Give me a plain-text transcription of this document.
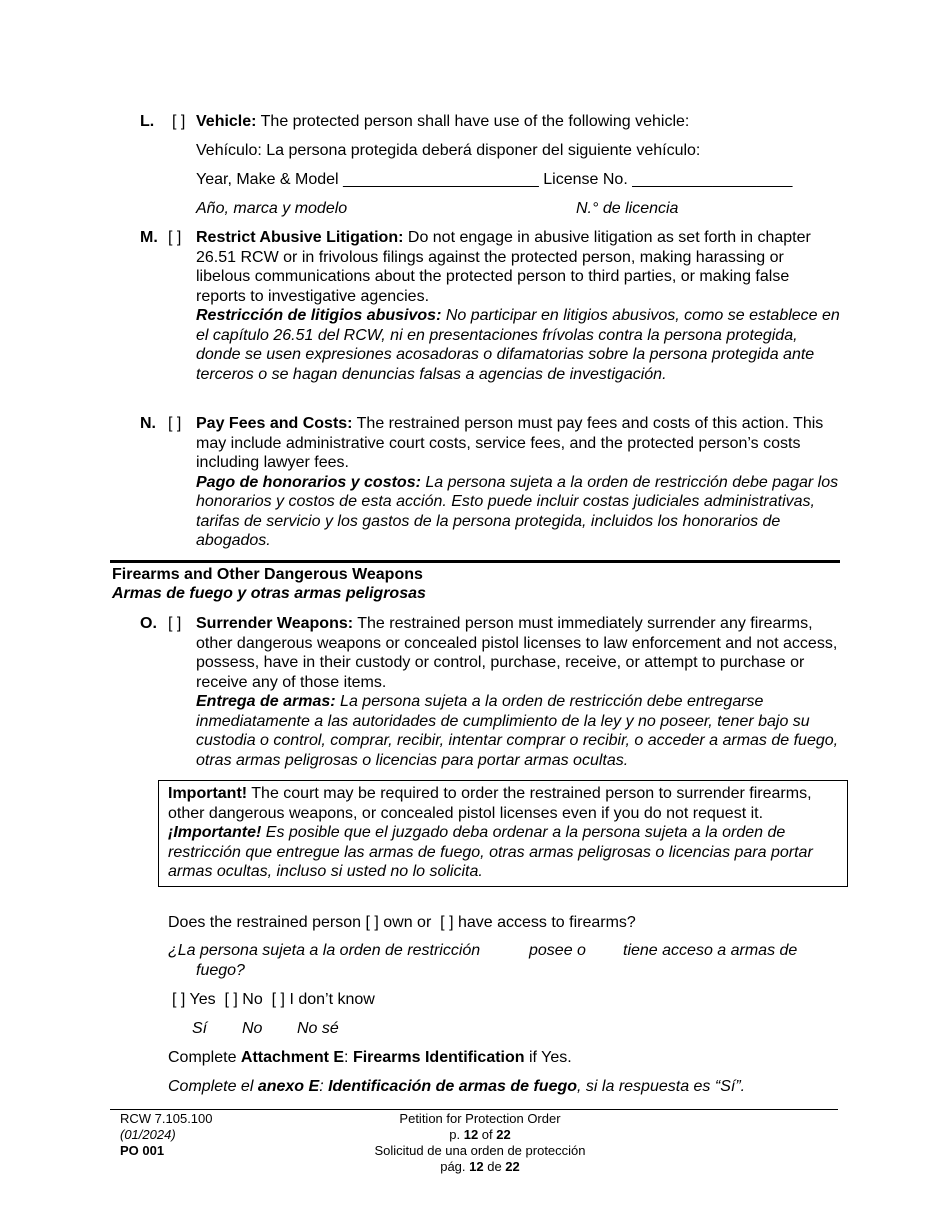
L. [ ] Vehicle: The protected person shall have use of the following vehicle:
Vehículo: La persona protegida deberá disponer del siguiente vehículo:
Year, Make & Model ______________________ License No. __________________
Año, marca y modelo	N.° de licencia
M. [ ] Restrict Abusive Litigation: Do not engage in abusive litigation as set forth in chapter 26.51 RCW or in frivolous filings against the protected person, making harassing or libelous communications about the protected person to third parties, or making false reports to investigative agencies.
Restricción de litigios abusivos: No participar en litigios abusivos, como se establece en el capítulo 26.51 del RCW, ni en presentaciones frívolas contra la persona protegida, donde se usen expresiones acosadoras o difamatorias sobre la persona protegida ante terceros o se hagan denuncias falsas a agencias de investigación.
N. [ ] Pay Fees and Costs: The restrained person must pay fees and costs of this action. This may include administrative court costs, service fees, and the protected person’s costs including lawyer fees.
Pago de honorarios y costos: La persona sujeta a la orden de restricción debe pagar los honorarios y costos de esta acción. Esto puede incluir costas judiciales administrativas, tarifas de servicio y los gastos de la persona protegida, incluidos los honorarios de abogados.
Firearms and Other Dangerous Weapons
Armas de fuego y otras armas peligrosas
O. [ ] Surrender Weapons: The restrained person must immediately surrender any firearms, other dangerous weapons or concealed pistol licenses to law enforcement and not access, possess, have in their custody or control, purchase, receive, or attempt to purchase or receive any of those items.
Entrega de armas: La persona sujeta a la orden de restricción debe entregarse inmediatamente a las autoridades de cumplimiento de la ley y no poseer, tener bajo su custodia o control, comprar, recibir, intentar comprar o recibir, o acceder a armas de fuego, otras armas peligrosas o licencias para portar armas ocultas.
Important! The court may be required to order the restrained person to surrender firearms, other dangerous weapons, or concealed pistol licenses even if you do not request it.
¡Importante! Es posible que el juzgado deba ordenar a la persona sujeta a la orden de restricción que entregue las armas de fuego, otras armas peligrosas o licencias para portar armas ocultas, incluso si usted no lo solicita.
Does the restrained person [ ] own or [ ] have access to firearms?
¿La persona sujeta a la orden de restricción	posee o tiene acceso a armas de
fuego?
[ ] Yes [ ] No [ ] I don’t know
Sí No No sé
Complete Attachment E: Firearms Identification if Yes.
Complete el anexo E: Identificación de armas de fuego, si la respuesta es “Sí”.
RCW 7.105.100
(01/2024)
PO 001
Petition for Protection Order
p. 12 of 22
Solicitud de una orden de protección
pág. 12 de 22
